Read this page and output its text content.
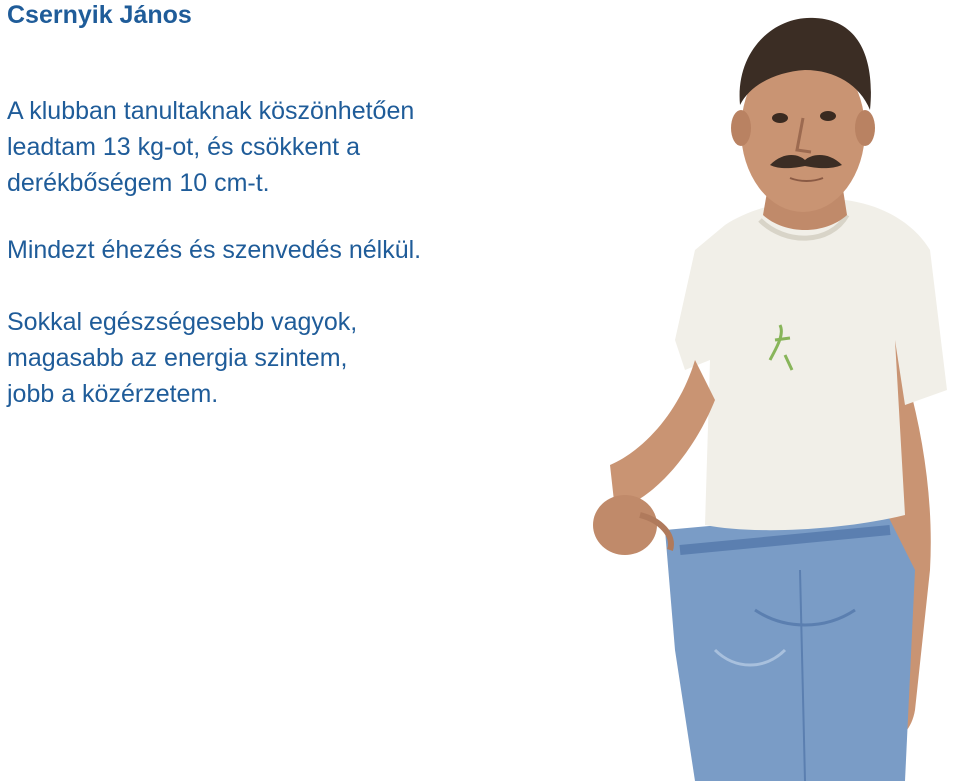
Csernyik János
A klubban tanultaknak köszönhetően
leadtam 13 kg-ot, és csökkent a
derékbőségem 10 cm-t.
Mindezt éhezés és szenvedés nélkül.
Sokkal egészségesebb vagyok,
magasabb az energia szintem,
jobb a közérzetem.
